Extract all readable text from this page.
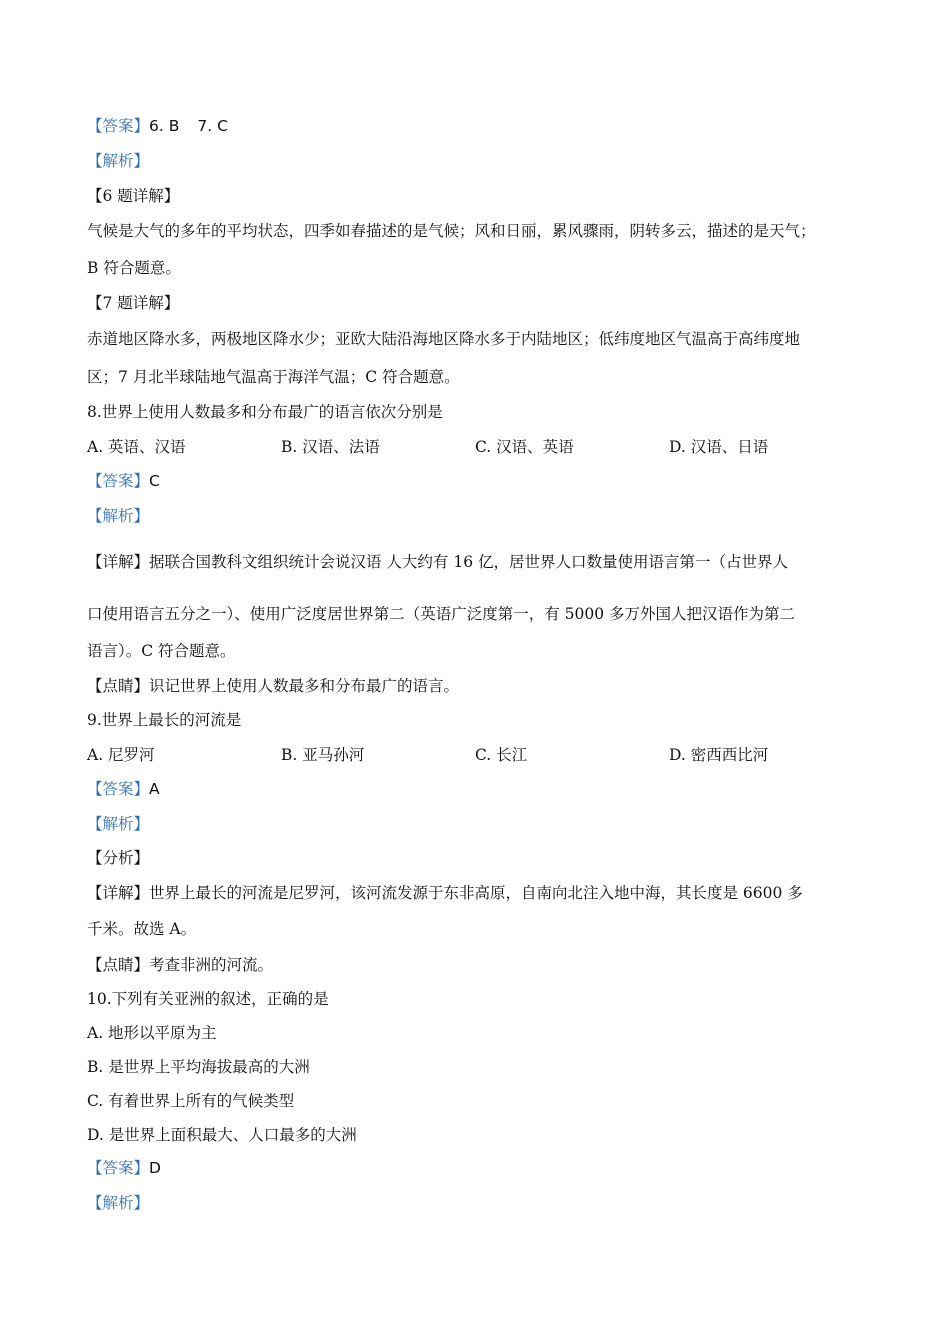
【答案】6. B 7. C
【解析】
【6 题详解】
气候是大气的多年的平均状态，四季如春描述的是气候；风和日丽，累风骤雨，阴转多云，描述的是天气；
B 符合题意。
【7 题详解】
赤道地区降水多，两极地区降水少；亚欧大陆沿海地区降水多于内陆地区；低纬度地区气温高于高纬度地
区；7 月北半球陆地气温高于海洋气温；C 符合题意。
8.世界上使用人数最多和分布最广的语言依次分别是
A. 英语、汉语	B. 汉语、法语	C. 汉语、英语	D. 汉语、日语
【答案】C
【解析】
【详解】据联合国教科文组织统计会说汉语 人大约有 16 亿，居世界人口数量使用语言第一（占世界人
口使用语言五分之一）、使用广泛度居世界第二（英语广泛度第一，有 5000 多万外国人把汉语作为第二
语言）。C 符合题意。
【点睛】识记世界上使用人数最多和分布最广的语言。
9.世界上最长的河流是
A. 尼罗河	B. 亚马孙河	C. 长江	D. 密西西比河
【答案】A
【解析】
【分析】
【详解】世界上最长的河流是尼罗河，该河流发源于东非高原，自南向北注入地中海，其长度是 6600 多
千米。故选 A。
【点睛】考查非洲的河流。
10.下列有关亚洲的叙述，正确的是
A. 地形以平原为主
B. 是世界上平均海拔最高的大洲
C. 有着世界上所有的气候类型
D. 是世界上面积最大、人口最多的大洲
【答案】D
【解析】
